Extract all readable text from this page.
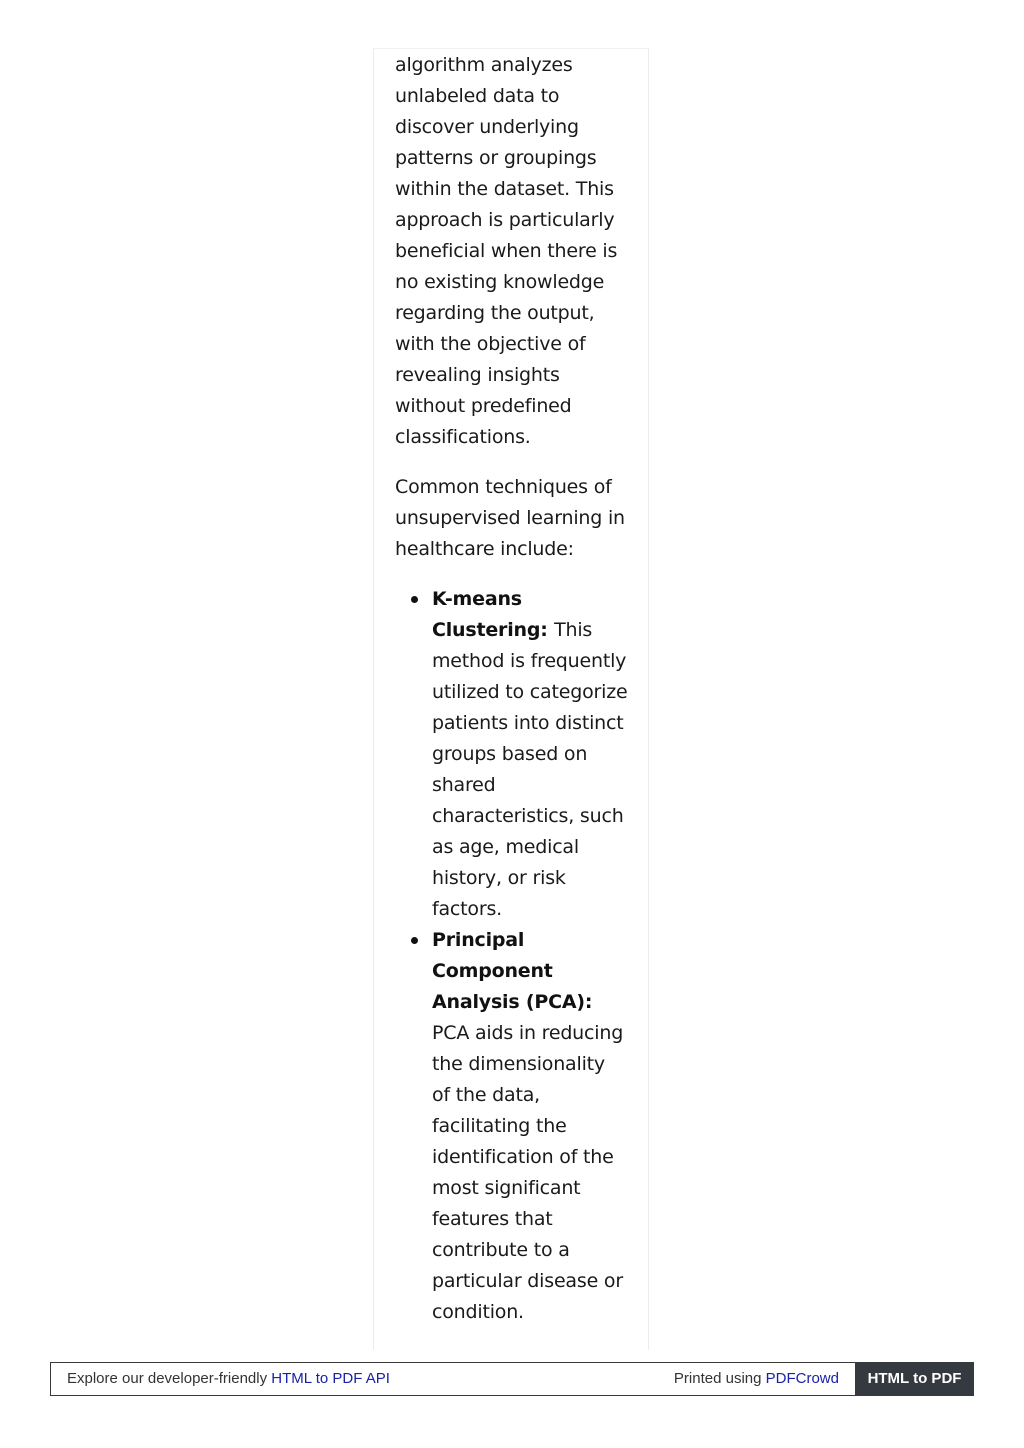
algorithm analyzes unlabeled data to discover underlying patterns or groupings within the dataset. This approach is particularly beneficial when there is no existing knowledge regarding the output, with the objective of revealing insights without predefined classifications.

Common techniques of unsupervised learning in healthcare include:

K-means Clustering: This method is frequently utilized to categorize patients into distinct groups based on shared characteristics, such as age, medical history, or risk factors.
Principal Component Analysis (PCA): PCA aids in reducing the dimensionality of the data, facilitating the identification of the most significant features that contribute to a particular disease or condition.
Explore our developer-friendly HTML to PDF API	Printed using PDFCrowd	HTML to PDF
